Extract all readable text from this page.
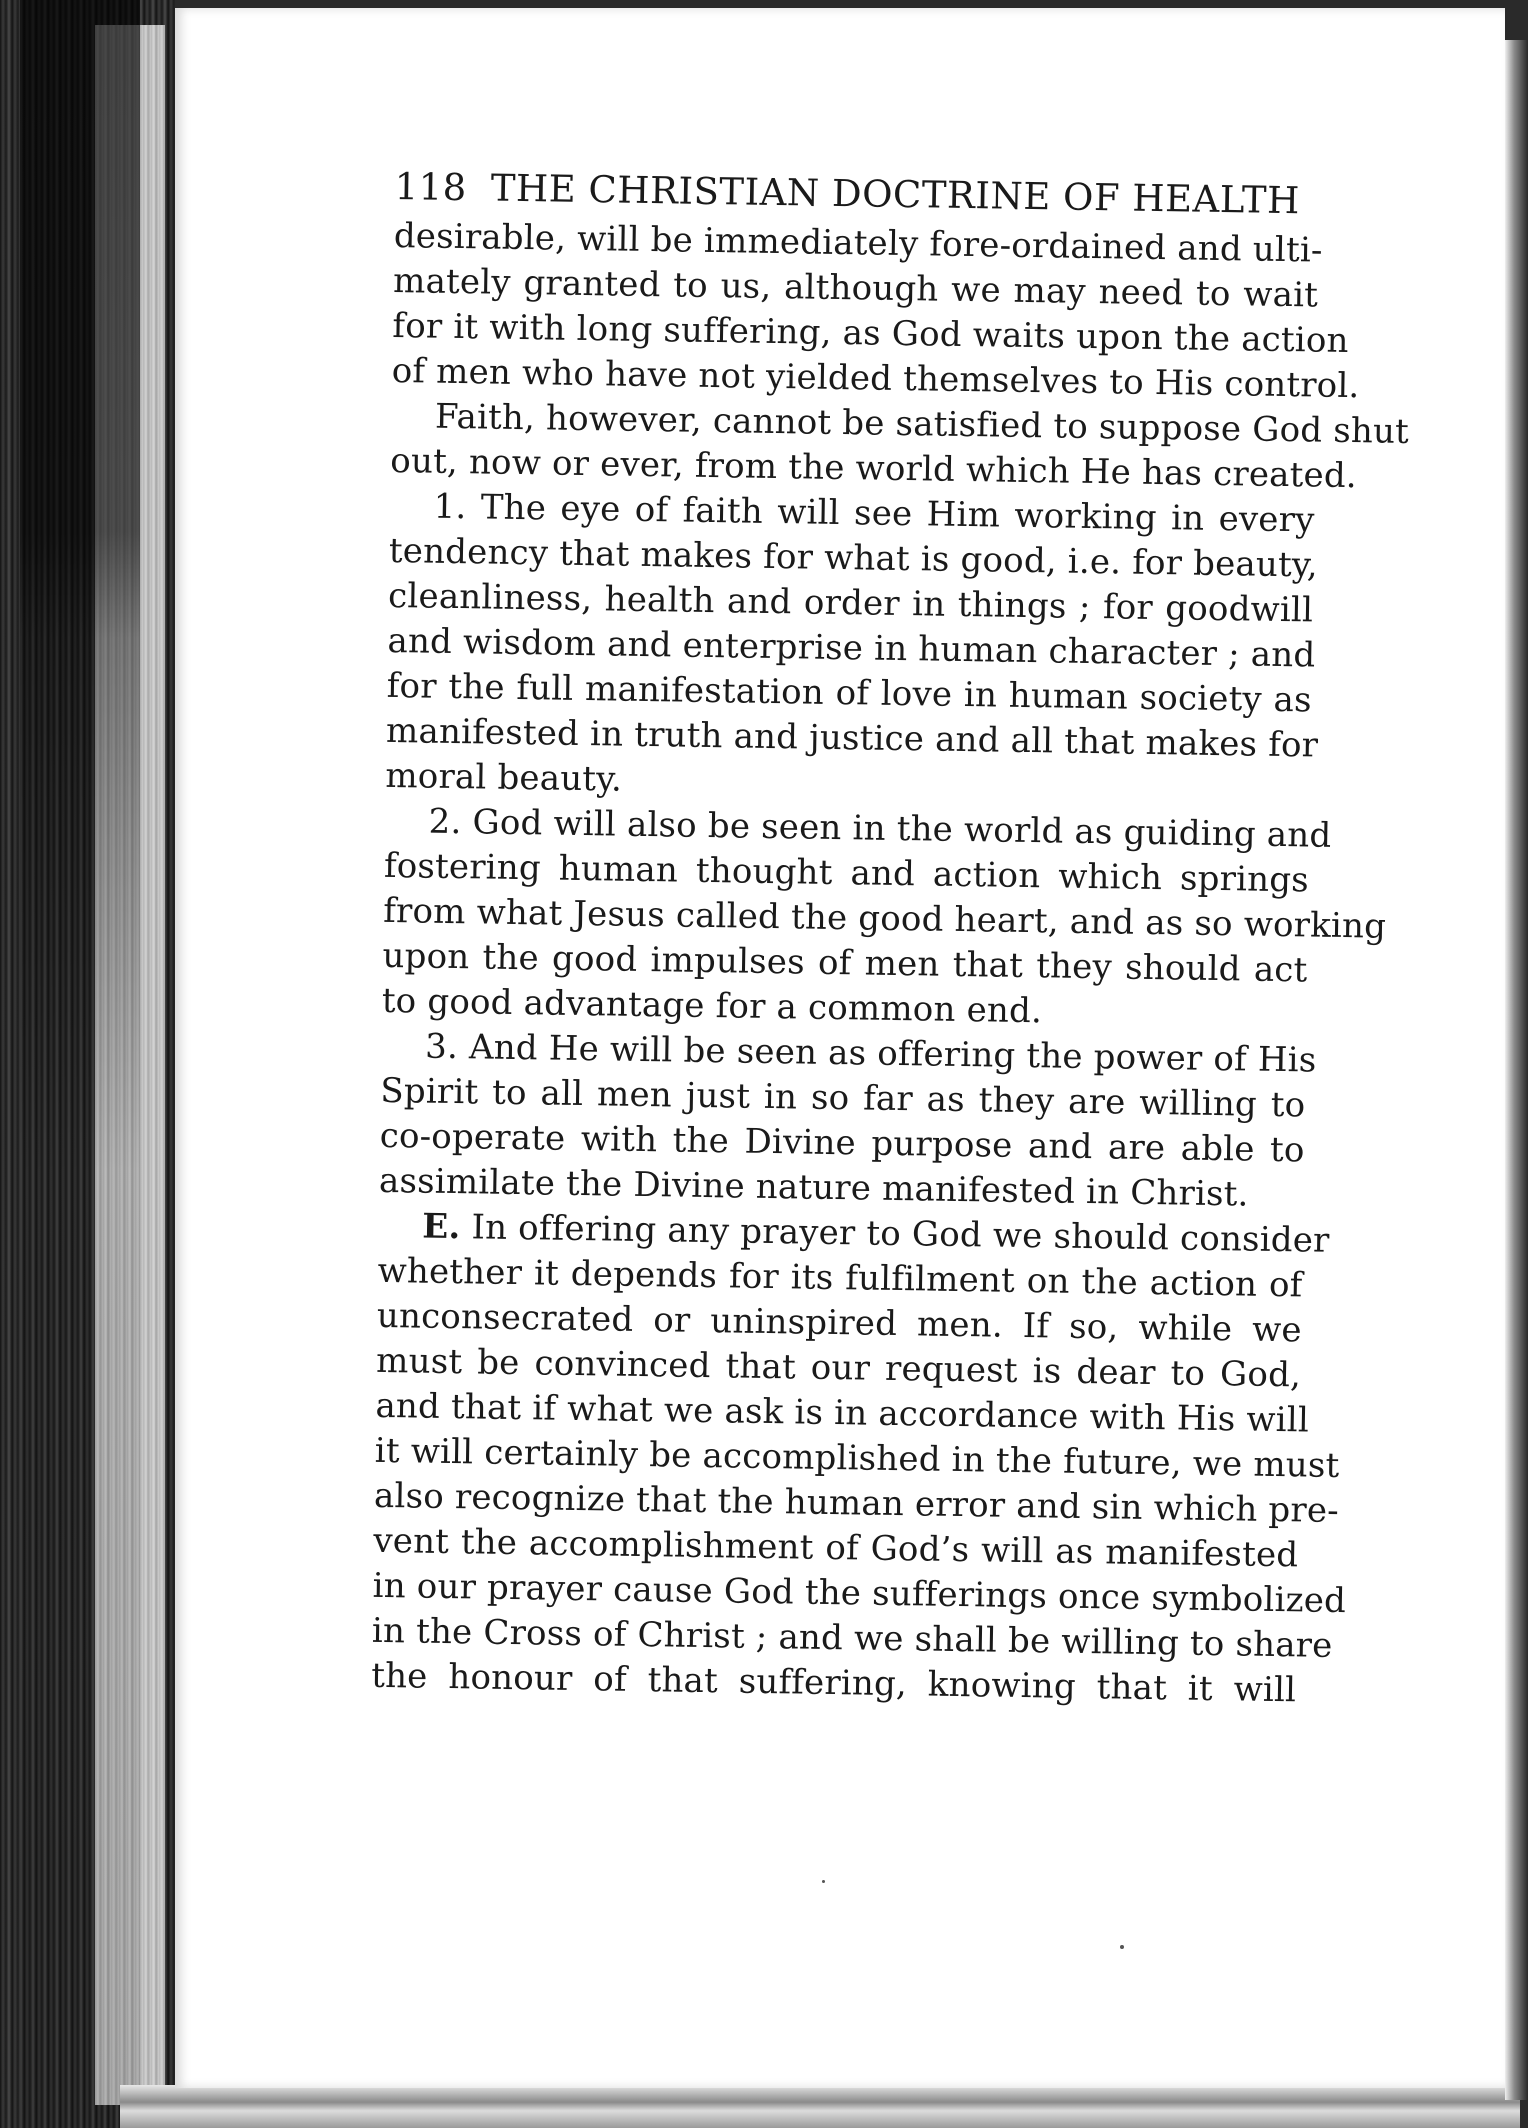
118 THE CHRISTIAN DOCTRINE OF HEALTH
desirable, will be immediately fore-ordained and ulti-
mately granted to us, although we may need to wait
for it with long suffering, as God waits upon the action
of men who have not yielded themselves to His control.
Faith, however, cannot be satisfied to suppose God shut
out, now or ever, from the world which He has created.
1. The eye of faith will see Him working in every
tendency that makes for what is good, i.e. for beauty,
cleanliness, health and order in things ; for goodwill
and wisdom and enterprise in human character ; and
for the full manifestation of love in human society as
manifested in truth and justice and all that makes for
moral beauty.
2. God will also be seen in the world as guiding and
fostering human thought and action which springs
from what Jesus called the good heart, and as so working
upon the good impulses of men that they should act
to good advantage for a common end.
3. And He will be seen as offering the power of His
Spirit to all men just in so far as they are willing to
co-operate with the Divine purpose and are able to
assimilate the Divine nature manifested in Christ.
E. In offering any prayer to God we should consider
whether it depends for its fulfilment on the action of
unconsecrated or uninspired men. If so, while we
must be convinced that our request is dear to God,
and that if what we ask is in accordance with His will
it will certainly be accomplished in the future, we must
also recognize that the human error and sin which pre-
vent the accomplishment of God’s will as manifested
in our prayer cause God the sufferings once symbolized
in the Cross of Christ ; and we shall be willing to share
the honour of that suffering, knowing that it will
